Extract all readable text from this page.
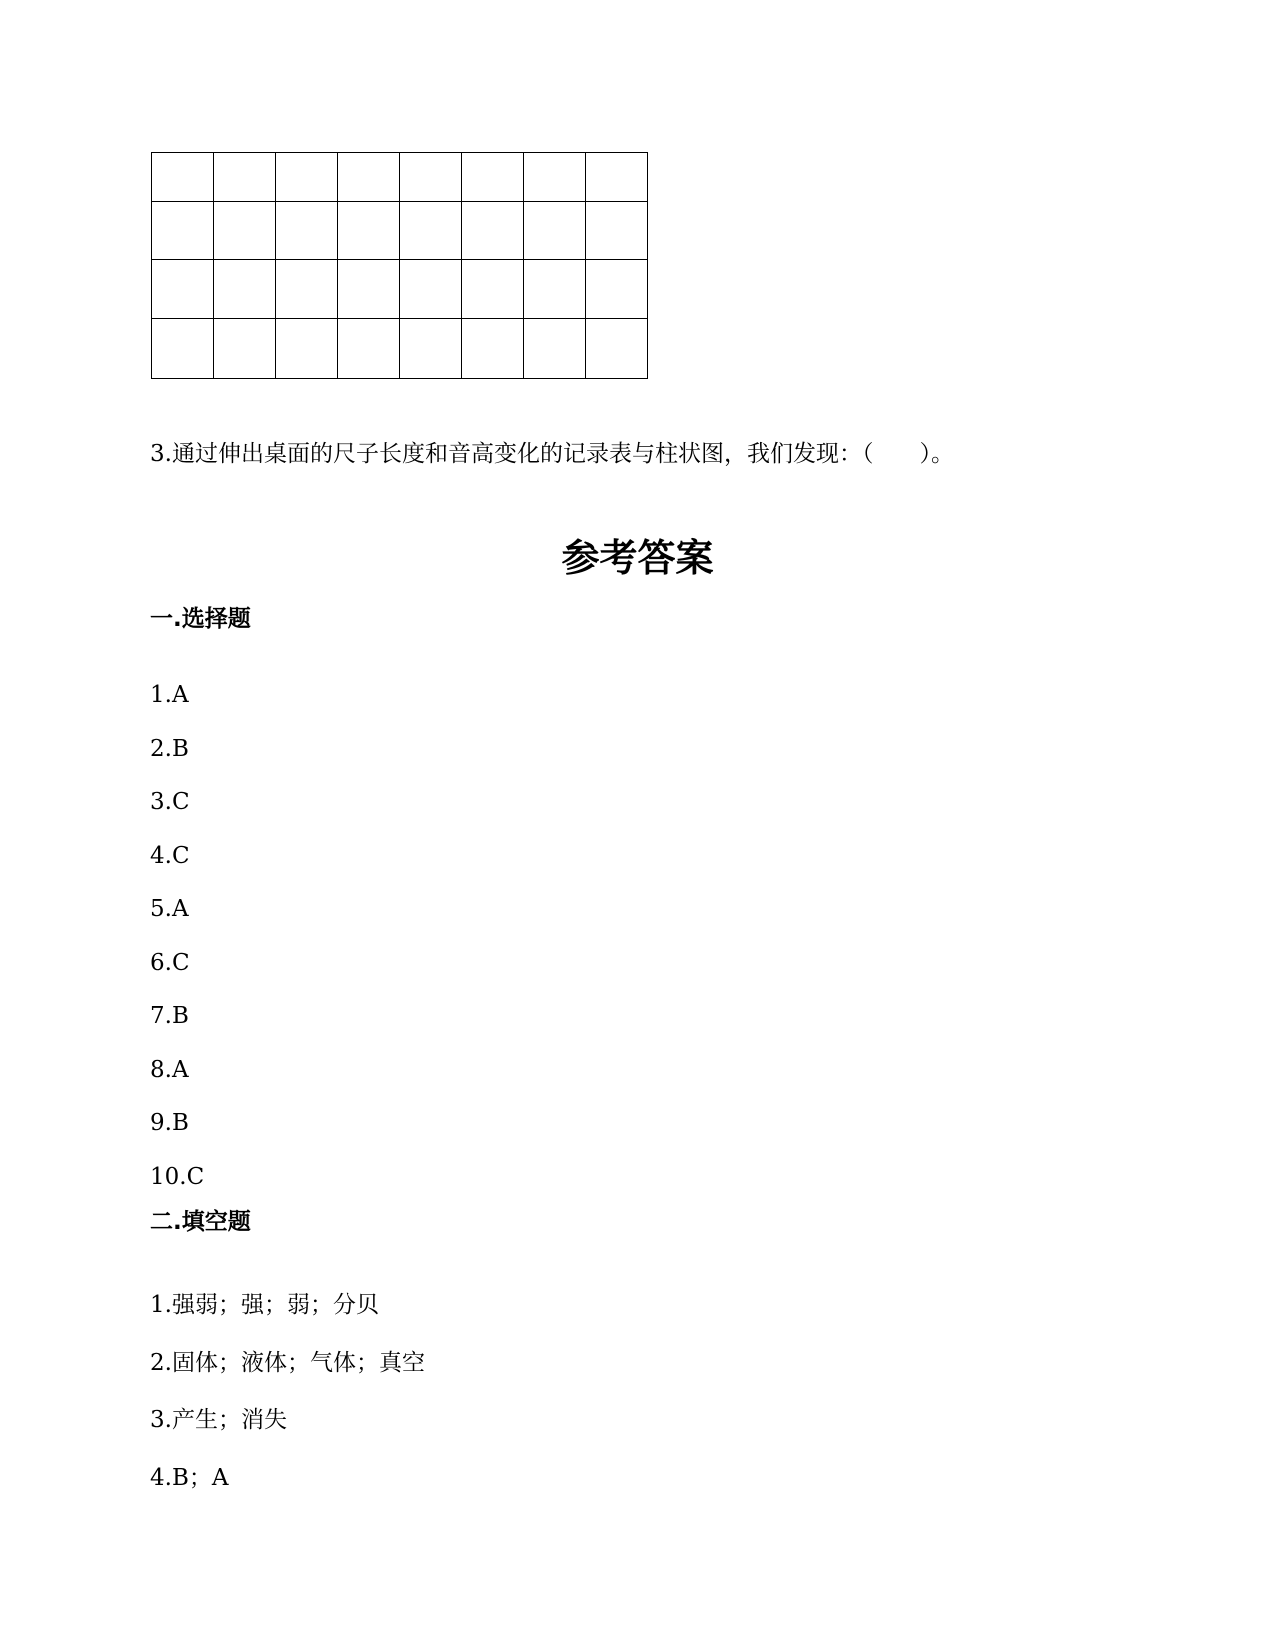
3.通过伸出桌面的尺子长度和音高变化的记录表与柱状图，我们发现：（　　）。
参考答案
一.选择题
1.A
2.B
3.C
4.C
5.A
6.C
7.B
8.A
9.B
10.C
二.填空题
1.强弱；强；弱；分贝
2.固体；液体；气体；真空
3.产生；消失
4.B；A
